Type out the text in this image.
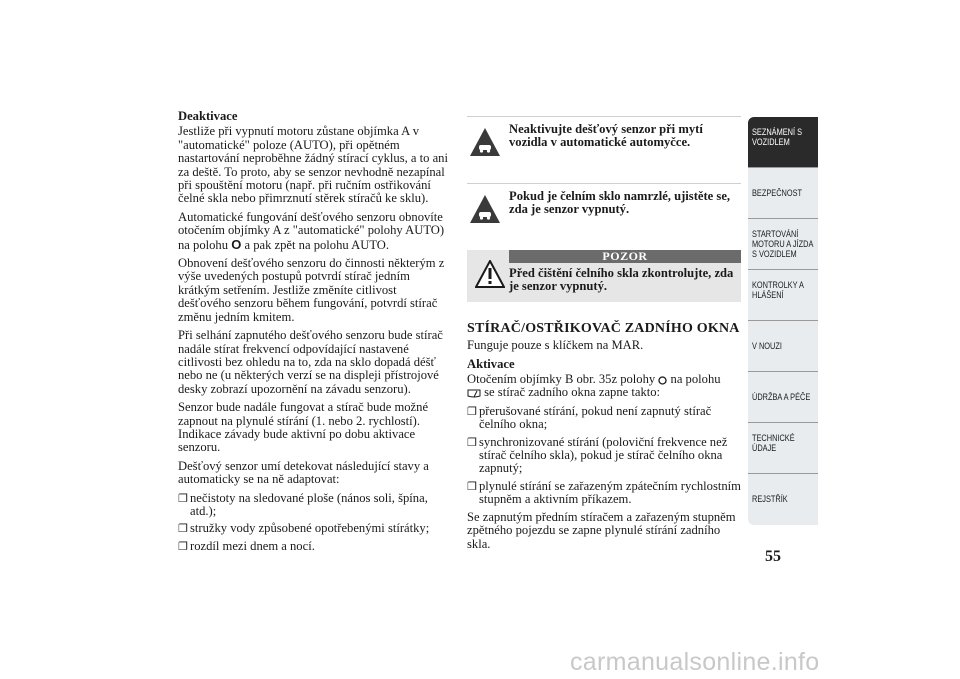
Deaktivace

Jestliže při vypnutí motoru zůstane objímka A v "automatické" poloze (AUTO), při opětném nastartování neproběhne žádný stírací cyklus, a to ani za deště. To proto, aby se senzor nevhodně nezapínal při spouštění motoru (např. při ručním ostřikování čelné skla nebo přimrznutí stěrek stíračů ke sklu).

Automatické fungování dešťového senzoru obnovíte otočením objímky A z "automatické" polohy AUTO) na polohu O a pak zpět na polohu AUTO.

Obnovení dešťového senzoru do činnosti některým z výše uvedených postupů potvrdí stírač jedním krátkým setřením. Jestliže změníte citlivost dešťového senzoru během fungování, potvrdí stírač změnu jedním kmitem.

Při selhání zapnutého dešťového senzoru bude stírač nadále stírat frekvencí odpovídající nastavené citlivosti bez ohledu na to, zda na sklo dopadá déšť nebo ne (u některých verzí se na displeji přístrojové desky zobrazí upozornění na závadu senzoru).

Senzor bude nadále fungovat a stírač bude možné zapnout na plynulé stírání (1. nebo 2. rychlostí). Indikace závady bude aktivní po dobu aktivace senzoru.

Dešťový senzor umí detekovat následující stavy a automaticky se na ně adaptovat:

❐ nečistoty na sledované ploše (nános soli, špína, atd.);
❐ stružky vody způsobené opotřebenými stírátky;
❐ rozdíl mezi dnem a nocí.
Neaktivujte dešťový senzor při mytí vozidla v automatické automyčce.
Pokud je čelním sklo namrzlé, ujistěte se, zda je senzor vypnutý.
POZOR
Před čištění čelního skla zkontrolujte, zda je senzor vypnutý.
STÍRAČ/OSTŘIKOVAČ ZADNÍHO OKNA

Funguje pouze s klíčkem na MAR.

Aktivace

Otočením objímky B obr. 35z polohy na polohu
se stírač zadního okna zapne takto:

❐ přerušované stírání, pokud není zapnutý stírač čelního okna;
❐ synchronizované stírání (poloviční frekvence než stírač čelního skla), pokud je stírač čelního okna zapnutý;
❐ plynulé stírání se zařazeným zpátečním rychlostním stupněm a aktivním příkazem.

Se zapnutým předním stíračem a zařazeným stupněm zpětného pojezdu se zapne plynulé stírání zadního skla.

SEZNÁMENÍ S
VOZIDLEM
BEZPEČNOST
STARTOVÁNÍ
MOTORU A JÍZDA
S VOZIDLEM
KONTROLKY A
HLÁŠENÍ
V NOUZI
ÚDRŽBA A PÉČE
TECHNICKÉ
ÚDAJE
REJSTŘÍK
55
carmanualsonline.info
